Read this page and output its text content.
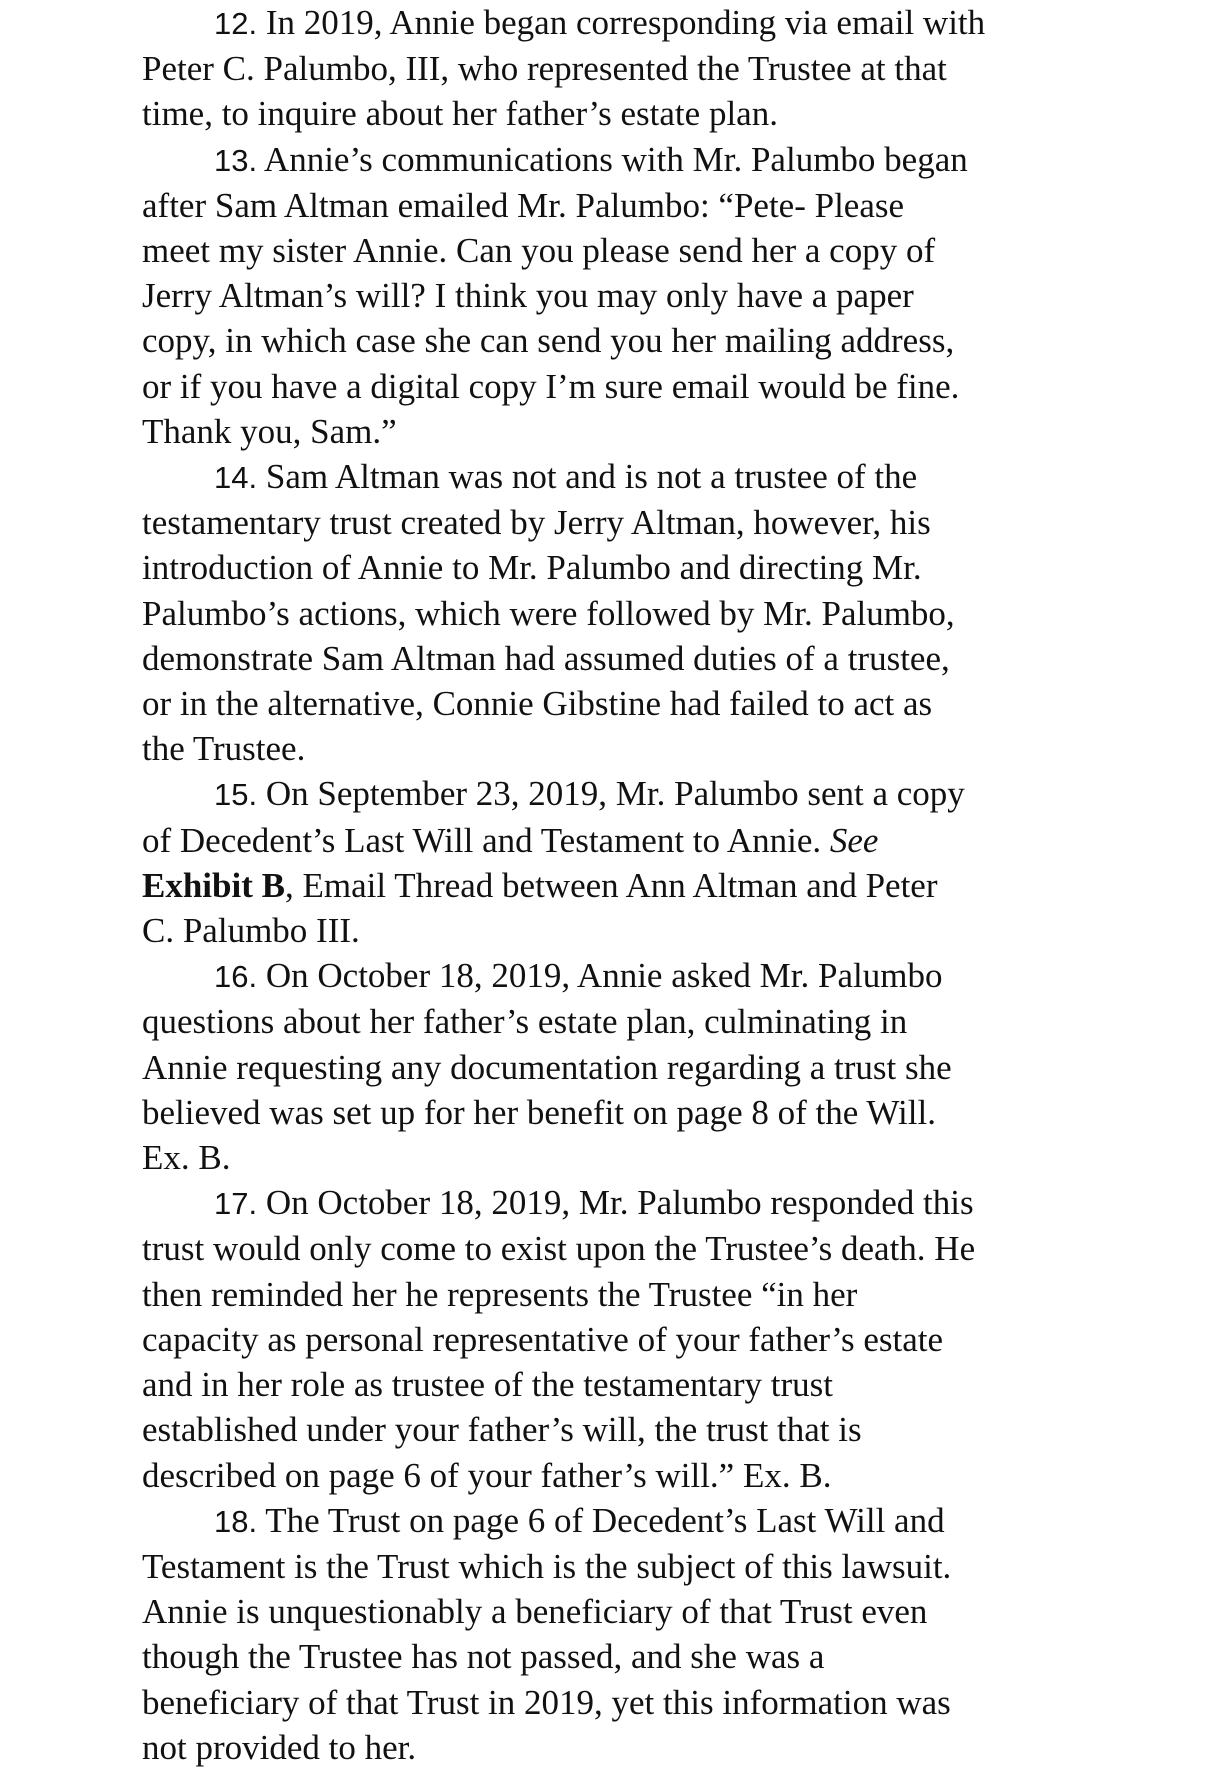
12. In 2019, Annie began corresponding via email with
Peter C. Palumbo, III, who represented the Trustee at that
time, to inquire about her father’s estate plan.
13. Annie’s communications with Mr. Palumbo began
after Sam Altman emailed Mr. Palumbo: “Pete- Please
meet my sister Annie. Can you please send her a copy of
Jerry Altman’s will? I think you may only have a paper
copy, in which case she can send you her mailing address,
or if you have a digital copy I’m sure email would be fine.
Thank you, Sam.”
14. Sam Altman was not and is not a trustee of the
testamentary trust created by Jerry Altman, however, his
introduction of Annie to Mr. Palumbo and directing Mr.
Palumbo’s actions, which were followed by Mr. Palumbo,
demonstrate Sam Altman had assumed duties of a trustee,
or in the alternative, Connie Gibstine had failed to act as
the Trustee.
15. On September 23, 2019, Mr. Palumbo sent a copy
of Decedent’s Last Will and Testament to Annie. See
Exhibit B, Email Thread between Ann Altman and Peter
C. Palumbo III.
16. On October 18, 2019, Annie asked Mr. Palumbo
questions about her father’s estate plan, culminating in
Annie requesting any documentation regarding a trust she
believed was set up for her benefit on page 8 of the Will.
Ex. B.
17. On October 18, 2019, Mr. Palumbo responded this
trust would only come to exist upon the Trustee’s death. He
then reminded her he represents the Trustee “in her
capacity as personal representative of your father’s estate
and in her role as trustee of the testamentary trust
established under your father’s will, the trust that is
described on page 6 of your father’s will.” Ex. B.
18. The Trust on page 6 of Decedent’s Last Will and
Testament is the Trust which is the subject of this lawsuit.
Annie is unquestionably a beneficiary of that Trust even
though the Trustee has not passed, and she was a
beneficiary of that Trust in 2019, yet this information was
not provided to her.
